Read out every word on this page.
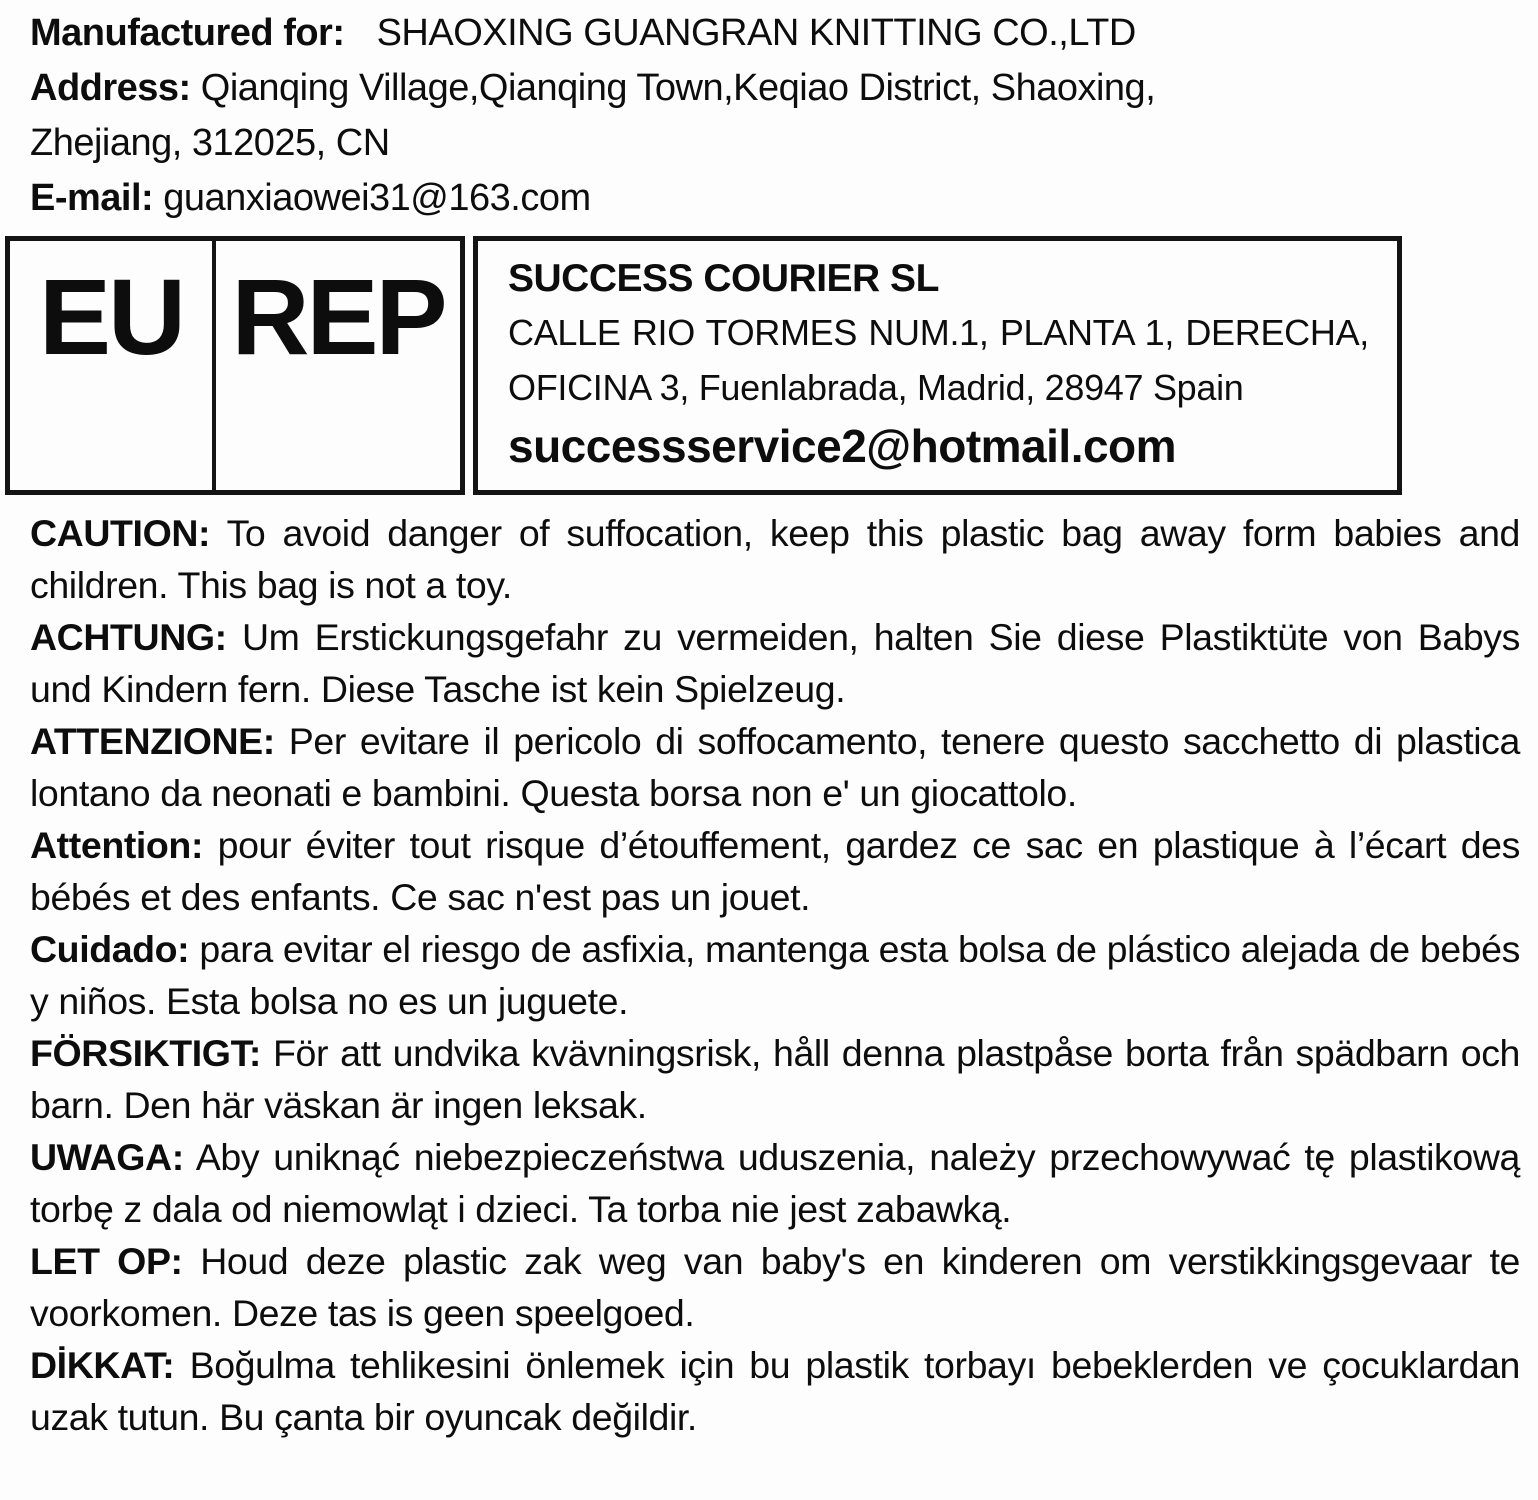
Manufactured for: SHAOXING GUANGRAN KNITTING CO.,LTD
Address: Qianqing Village,Qianqing Town,Keqiao District, Shaoxing,
Zhejiang, 312025, CN
E-mail: guanxiaowei31@163.com
EU REP	SUCCESS COURIER SL
CALLE RIO TORMES NUM.1, PLANTA 1, DERECHA,
OFICINA 3, Fuenlabrada, Madrid, 28947 Spain
successservice2@hotmail.com

CAUTION: To avoid danger of suffocation, keep this plastic bag away form babies and children. This bag is not a toy.

ACHTUNG: Um Erstickungsgefahr zu vermeiden, halten Sie diese Plastiktüte von Babys und Kindern fern. Diese Tasche ist kein Spielzeug.

ATTENZIONE: Per evitare il pericolo di soffocamento, tenere questo sacchetto di plastica lontano da neonati e bambini. Questa borsa non e' un giocattolo.

Attention: pour éviter tout risque d’étouffement, gardez ce sac en plastique à l’écart des bébés et des enfants. Ce sac n'est pas un jouet.

Cuidado: para evitar el riesgo de asfixia, mantenga esta bolsa de plástico alejada de bebés y niños. Esta bolsa no es un juguete.

FÖRSIKTIGT: För att undvika kvävningsrisk, håll denna plastpåse borta från spädbarn och barn. Den här väskan är ingen leksak.

UWAGA: Aby uniknąć niebezpieczeństwa uduszenia, należy przechowywać tę plastikową torbę z dala od niemowląt i dzieci. Ta torba nie jest zabawką.

LET OP: Houd deze plastic zak weg van baby's en kinderen om verstikkingsgevaar te voorkomen. Deze tas is geen speelgoed.

DİKKAT: Boğulma tehlikesini önlemek için bu plastik torbayı bebeklerden ve çocuklardan uzak tutun. Bu çanta bir oyuncak değildir.
